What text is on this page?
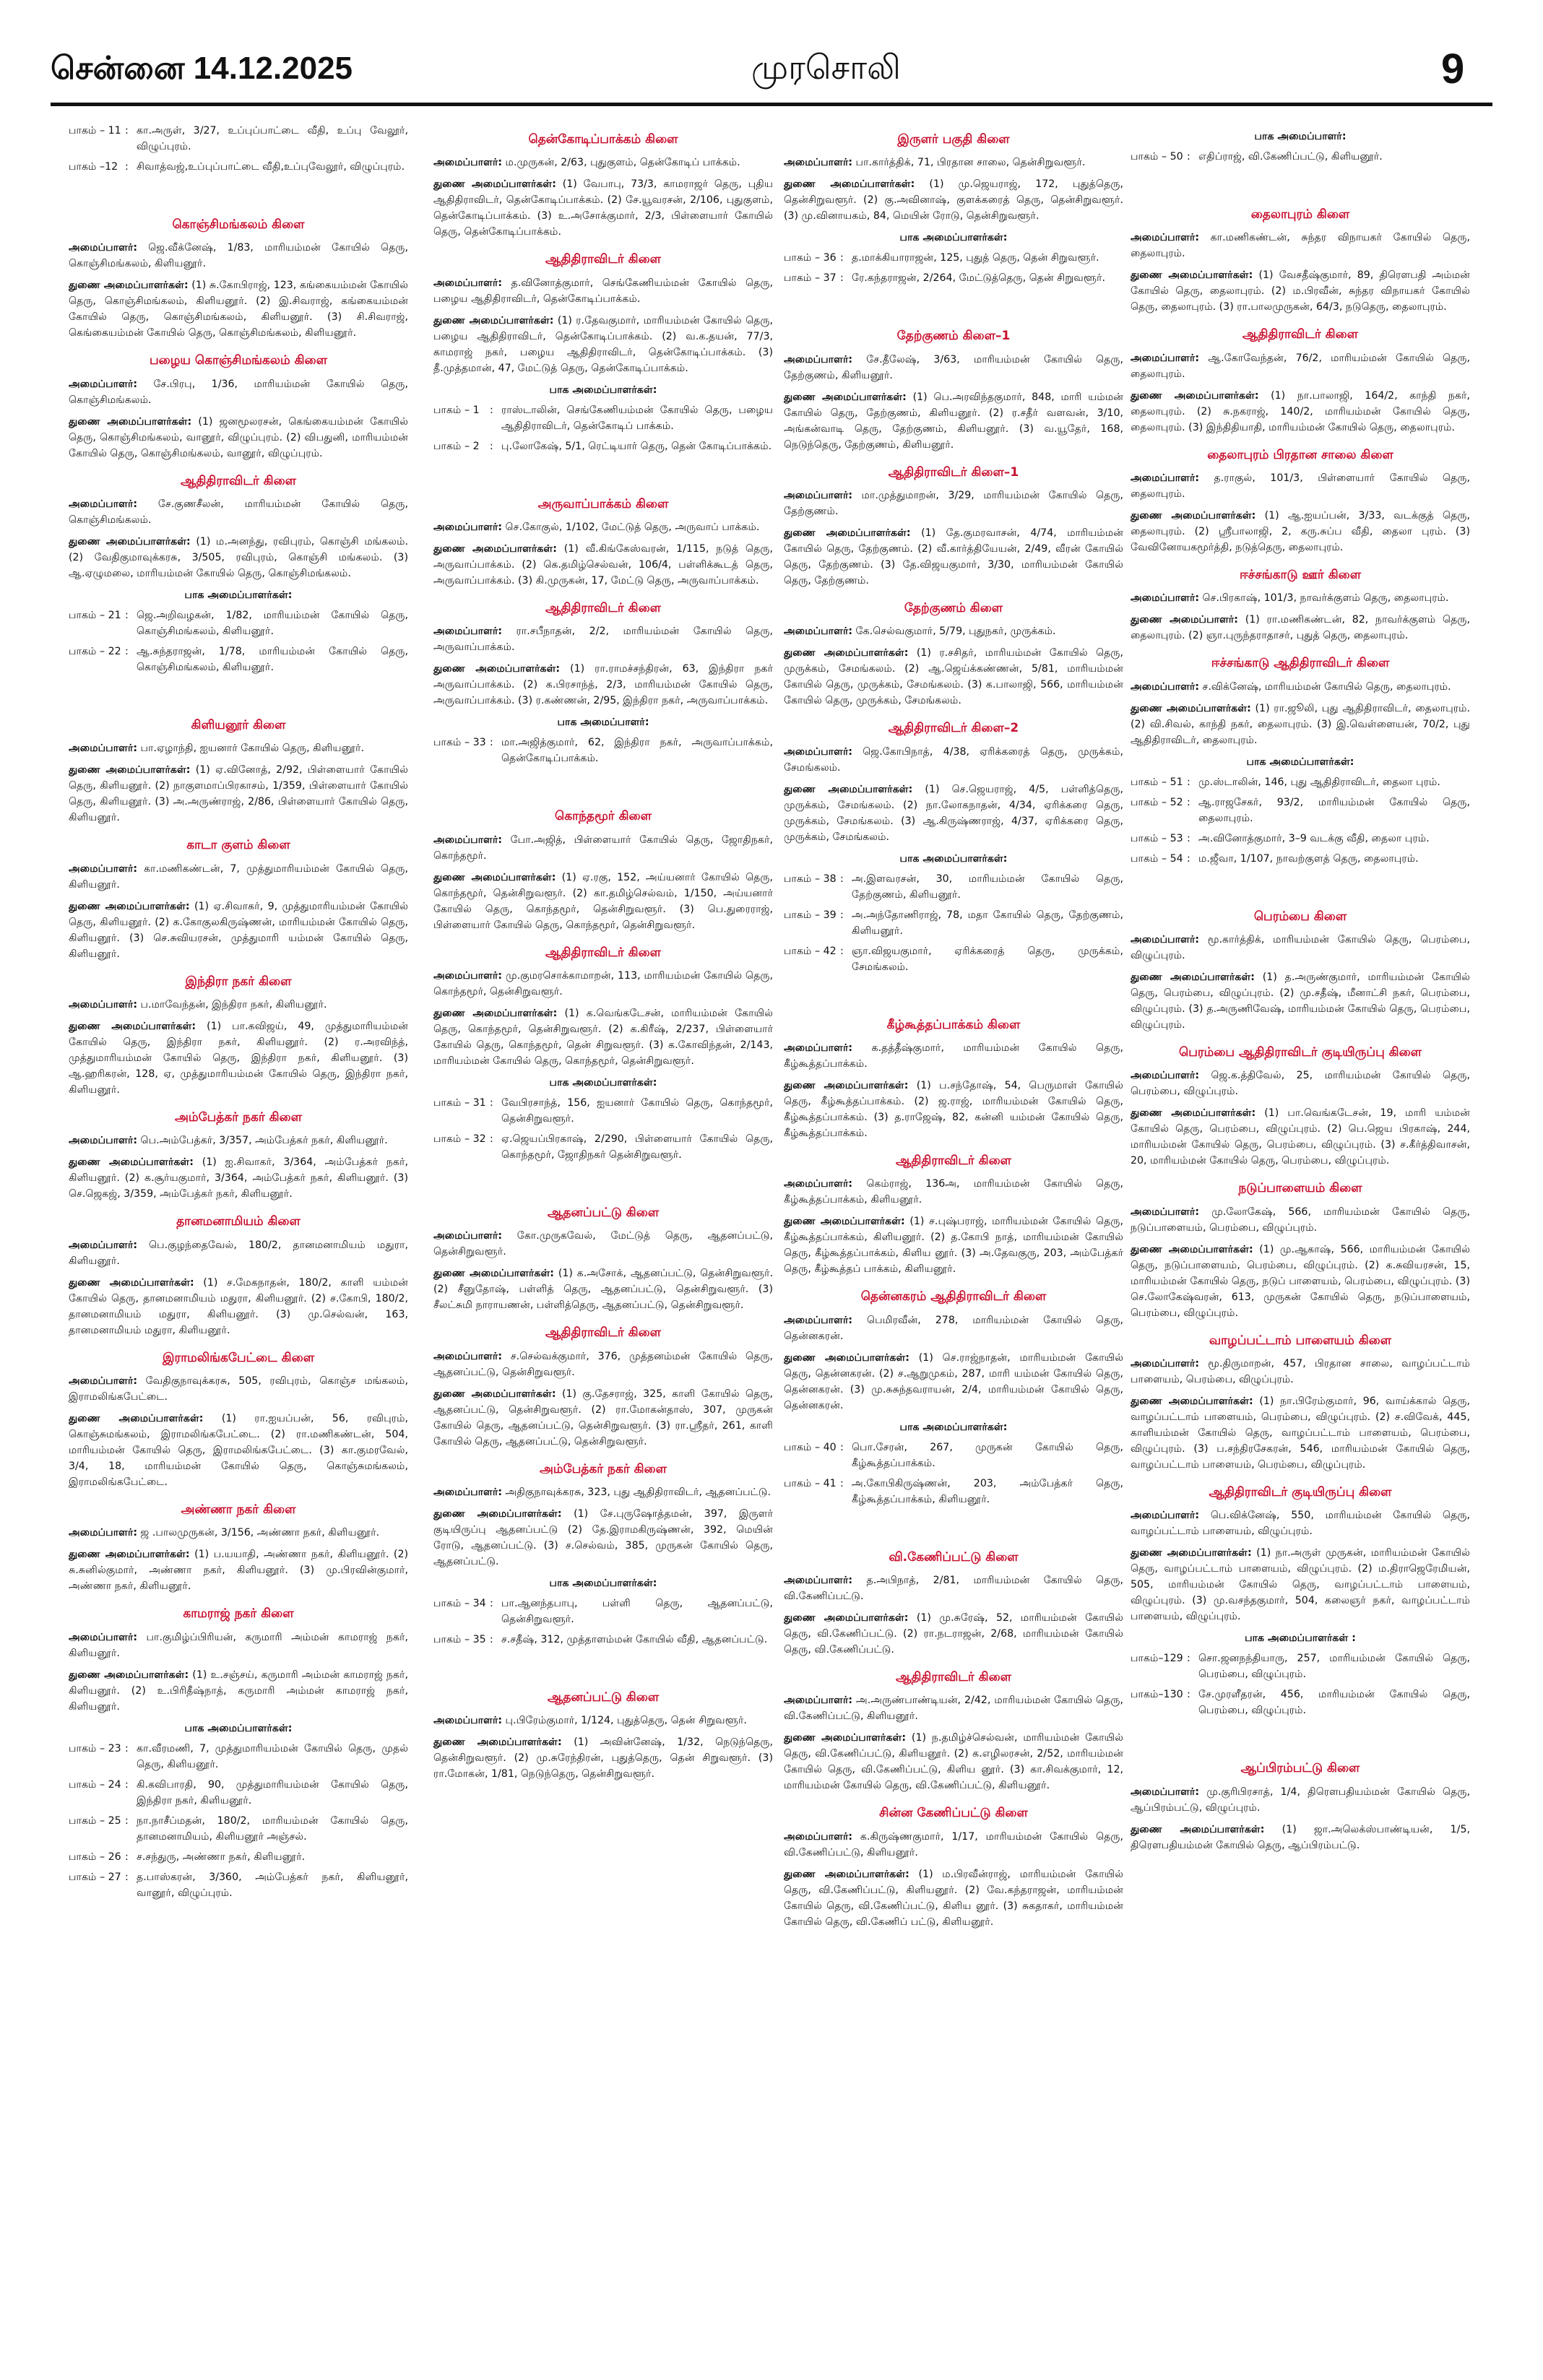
சென்னை 14.12.2025	முரசொலி	9
பாகம் – 11 : கா.அருள், 3/27, உப்புப்பாட்டை வீதி, உப்பு வேலூர், விழுப்புரம்.
பாகம் –12 : சிவாத்வஜ்,உப்புப்பாட்டை வீதி,உப்புவேலூர், விழுப்புரம்.
கொஞ்சிமங்கலம் கிளை

அமைப்பாளர்: ஜெ.வீக்னேஷ், 1/83, மாரியம்மன் கோயில் தெரு, கொஞ்சிமங்கலம், கிளியனூர்.

துணை அமைப்பாளர்கள்: (1) சு.கோபிராஜ், 123, கங்கையம்மன் கோயில் தெரு, கொஞ்சிமங்கலம், கிளியனூர். (2) இ.சிவராஜ், கங்கையம்மன் கோயில் தெரு, கொஞ்சிமங்கலம், கிளியனூர். (3) சி.சிவராஜ், கெங்கையம்மன் கோயில் தெரு, கொஞ்சிமங்கலம், கிளியனூர்.

பழைய கொஞ்சிமங்கலம் கிளை

அமைப்பாளர்: சே.பிரபு, 1/36, மாரியம்மன் கோயில் தெரு, கொஞ்சிமங்கலம்.

துணை அமைப்பாளர்கள்: (1) ஜனமூலரசன், கெங்கையம்மன் கோயில் தெரு, கொஞ்சிமங்கலம், வானூர், விழுப்புரம். (2) விபதுனி, மாரியம்மன் கோயில் தெரு, கொஞ்சிமங்கலம், வானூர், விழுப்புரம்.

ஆதிதிராவிடர் கிளை

அமைப்பாளர்: சே.குணசீலன், மாரியம்மன் கோயில் தெரு, கொஞ்சிமங்கலம்.

துணை அமைப்பாளர்கள்: (1) ம.அனந்து, ரவிபுரம், கொஞ்சி மங்கலம். (2) வேதிகுமாவுக்கரசு, 3/505, ரவிபுரம், கொஞ்சி மங்கலம். (3) ஆ.ஏழுமலை, மாரியம்மன் கோயில் தெரு, கொஞ்சிமங்கலம்.

பாக அமைப்பாளர்கள்:
பாகம் – 21 : ஜெ.அறிவழகன், 1/82, மாரியம்மன் கோயில் தெரு, கொஞ்சிமங்கலம், கிளியனூர்.
பாகம் – 22 : ஆ.சுந்தராஜன், 1/78, மாரியம்மன் கோயில் தெரு, கொஞ்சிமங்கலம், கிளியனூர்.
கிளியனூர் கிளை

அமைப்பாளர்: பா.ஏழாந்தி, ஐயனார் கோயில் தெரு, கிளியனூர்.

துணை அமைப்பாளர்கள்: (1) ஏ.வினோத், 2/92, பிள்ளையார் கோயில் தெரு, கிளியனூர். (2) நாகுளமாப்பிரகாசம், 1/359, பிள்ளையார் கோயில் தெரு, கிளியனூர். (3) அ.அருண்ராஜ், 2/86, பிள்ளையார் கோயில் தெரு, கிளியனூர்.

காடா குளம் கிளை

அமைப்பாளர்: கா.மணிகண்டன், 7, முத்துமாரியம்மன் கோயில் தெரு, கிளியனூர்.

துணை அமைப்பாளர்கள்: (1) ஏ.சிவாகர், 9, முத்துமாரியம்மன் கோயில் தெரு, கிளியனூர். (2) க.கோகுலகிருஷ்ணன், மாரியம்மன் கோயில் தெரு, கிளியனூர். (3) செ.சுவியரசன், முத்துமாரி யம்மன் கோயில் தெரு, கிளியனூர்.

இந்திரா நகர் கிளை

அமைப்பாளர்: ப.மாவேந்தன், இந்திரா நகர், கிளியனூர்.

துணை அமைப்பாளர்கள்: (1) பா.கவிஜய், 49, முத்துமாரியம்மன் கோயில் தெரு, இந்திரா நகர், கிளியனூர். (2) ர.அரவிந்த், முத்துமாரியம்மன் கோயில் தெரு, இந்திரா நகர், கிளியனூர். (3) ஆ.ஹரிகரன், 128, ஏ, முத்துமாரியம்மன் கோயில் தெரு, இந்திரா நகர், கிளியனூர்.

அம்பேத்கர் நகர் கிளை

அமைப்பாளர்: பெ.அம்பேத்கர், 3/357, அம்பேத்கர் நகர், கிளியனூர்.

துணை அமைப்பாளர்கள்: (1) ஐ.சிவாகர், 3/364, அம்பேத்கர் நகர், கிளியனூர். (2) க.சூர்யகுமார், 3/364, அம்பேத்கர் நகர், கிளியனூர். (3) செ.ஜெகஜ், 3/359, அம்பேத்கர் நகர், கிளியனூர்.

தானமனாமியம் கிளை

அமைப்பாளர்: பெ.குழந்தைவேல், 180/2, தானமனாமியம் மதுரா, கிளியனூர்.

துணை அமைப்பாளர்கள்: (1) ச.மேகநாதன், 180/2, காளி யம்மன் கோயில் தெரு, தானமனாமியம் மதுரா, கிளியனூர். (2) ச.கோபி, 180/2, தானமனாமியம் மதுரா, கிளியனூர். (3) மு.செல்வன், 163, தானமனாமியம் மதுரா, கிளியனூர்.

இராமலிங்கபேட்டை கிளை

அமைப்பாளர்: வேதிகுநாவுக்கரசு, 505, ரவிபுரம், கொஞ்ச மங்கலம், இராமலிங்கபேட்டை.

துணை அமைப்பாளர்கள்: (1) ரா.ஐயப்பன், 56, ரவிபுரம், கொஞ்சுமங்கலம், இராமலிங்கபேட்டை. (2) ரா.மணிகண்டன், 504, மாரியம்மன் கோயில் தெரு, இராமலிங்கபேட்டை. (3) கா.குமரவேல், 3/4, 18, மாரியம்மன் கோயில் தெரு, கொஞ்சுமங்கலம், இராமலிங்கபேட்டை.

அண்ணா நகர் கிளை

அமைப்பாளர்: ஜ .பாலமுருகன், 3/156, அண்ணா நகர், கிளியனூர்.

துணை அமைப்பாளர்கள்: (1) ப.யயாதி, அண்ணா நகர், கிளியனூர். (2) சு.சுனில்குமார், அண்ணா நகர், கிளியனூர். (3) மு.பிரவின்குமார், அண்ணா நகர், கிளியனூர்.

காமராஜ் நகர் கிளை

அமைப்பாளர்: பா.குமிழ்ப்பிரியன், கருமாரி அம்மன் காமராஜ் நகர், கிளியனூர்.

துணை அமைப்பாளர்கள்: (1) உ.சஞ்சய், கருமாரி அம்மன் காமராஜ் நகர், கிளியனூர். (2) உ.பிரிதீஷ்நாத், கருமாரி அம்மன் காமராஜ் நகர், கிளியனூர்.

பாக அமைப்பாளர்கள்:
பாகம் – 23 : கா.வீரமணி, 7, முத்துமாரியம்மன் கோயில் தெரு, முதல் தெரு, கிளியனூர்.
பாகம் – 24 : கி.கவிபாரதி, 90, முத்துமாரியம்மன் கோயில் தெரு, இந்திரா நகர், கிளியனூர்.
பாகம் – 25 : நா.நாசீப்மதன், 180/2, மாரியம்மன் கோயில் தெரு, தானமனாமியம், கிளியனூர் அஞ்சல்.
பாகம் – 26 : ச.சந்துரு, அண்ணா நகர், கிளியனூர்.
பாகம் – 27 : த.பாஸ்கரன், 3/360, அம்பேத்கர் நகர், கிளியனூர், வானூர், விழுப்புரம்.
தென்கோடிப்பாக்கம் கிளை

அமைப்பாளர்: ம.முருகன், 2/63, புதுகுளம், தென்கோடிப் பாக்கம்.

துணை அமைப்பாளர்கள்: (1) வேபாபு, 73/3, காமராஜர் தெரு, புதிய ஆதிதிராவிடர், தென்கோடிப்பாக்கம். (2) சே.யூவரசன், 2/106, புதுகுளம், தென்கோடிப்பாக்கம். (3) உ.அசோக்குமார், 2/3, பிள்ளையார் கோயில் தெரு, தென்கோடிப்பாக்கம்.

ஆதிதிராவிடர் கிளை

அமைப்பாளர்: த.வினோத்குமார், செங்கேணியம்மன் கோயில் தெரு, பழைய ஆதிதிராவிடர், தென்கோடிப்பாக்கம்.

துணை அமைப்பாளர்கள்: (1) ர.தேவகுமார், மாரியம்மன் கோயில் தெரு, பழைய ஆதிதிராவிடர், தென்கோடிப்பாக்கம். (2) வ.க.தயன், 77/3, காமராஜ் நகர், பழைய ஆதிதிராவிடர், தென்கோடிப்பாக்கம். (3) தீ.முத்தமான், 47, மேட்டுத் தெரு, தென்கோடிப்பாக்கம்.

பாக அமைப்பாளர்கள்:
பாகம் – 1	: ராஸ்டாலின், செங்கேணியம்மன் கோயில் தெரு, பழைய ஆதிதிராவிடர், தென்கோடிப் பாக்கம்.
பாகம் – 2	: பு.லோகேஷ், 5/1, ரெட்டியார் தெரு, தென் கோடிப்பாக்கம்.
அருவாப்பாக்கம் கிளை

அமைப்பாளர்: செ.கோகுல், 1/102, மேட்டுத் தெரு, அருவாப் பாக்கம்.

துணை அமைப்பாளர்கள்: (1) வீ.கிங்கேஸ்வரன், 1/115, நடுத் தெரு, அருவாப்பாக்கம். (2) கெ.தமிழ்செல்வன், 106/4, பள்ளிக்கூடத் தெரு, அருவாப்பாக்கம். (3) கி.முருகன், 17, மேட்டு தெரு, அருவாப்பாக்கம்.

ஆதிதிராவிடர் கிளை

அமைப்பாளர்: ரா.சபீநாதன், 2/2, மாரியம்மன் கோயில் தெரு, அருவாப்பாக்கம்.

துணை அமைப்பாளர்கள்: (1) ரா.ராமச்சந்திரன், 63, இந்திரா நகர் அருவாப்பாக்கம். (2) க.பிரசாந்த், 2/3, மாரியம்மன் கோயில் தெரு, அருவாப்பாக்கம். (3) ர.கண்ணன், 2/95, இந்திரா நகர், அருவாப்பாக்கம்.

பாக அமைப்பாளர்:
பாகம் – 33 : மா.அஜித்குமார், 62, இந்திரா நகர், அருவாப்பாக்கம், தென்கோடிப்பாக்கம்.
கொந்தமூர் கிளை

அமைப்பாளர்: போ.அஜித், பிள்ளையார் கோயில் தெரு, ஜோதிநகர், கொந்தமூர்.

துணை அமைப்பாளர்கள்: (1) ஏ.ரகு, 152, அய்யனார் கோயில் தெரு, கொந்தமூர், தென்சிறுவளூர். (2) கா.தமிழ்செல்வம், 1/150, அய்யனார் கோயில் தெரு, கொந்தமூர், தென்சிறுவளூர். (3) பெ.துரைராஜ், பிள்ளையார் கோயில் தெரு, கொந்தமூர், தென்சிறுவளூர்.

ஆதிதிராவிடர் கிளை

அமைப்பாளர்: மு.குமரசொக்காமாறன், 113, மாரியம்மன் கோயில் தெரு, கொந்தமூர், தென்சிறுவளூர்.

துணை அமைப்பாளர்கள்: (1) க.வெங்கடேசன், மாரியம்மன் கோயில் தெரு, கொந்தமூர், தென்சிறுவளூர். (2) க.கிரீஷ், 2/237, பிள்ளையார் கோயில் தெரு, கொந்தமூர், தென் சிறுவளூர். (3) க.கோவிந்தன், 2/143, மாரியம்மன் கோயில் தெரு, கொந்தமூர், தென்சிறுவளூர்.

பாக அமைப்பாளர்கள்:
பாகம் – 31 : வேபிரசாந்த், 156, ஐயனார் கோயில் தெரு, கொந்தமூர், தென்சிறுவளூர்.
பாகம் – 32 : ஏ.ஜெயப்பிரகாஷ், 2/290, பிள்ளையார் கோயில் தெரு, கொந்தமூர், ஜோதிநகர் தென்சிறுவளூர்.
ஆதனப்பட்டு கிளை

அமைப்பாளர்: கோ.முருகவேல், மேட்டுத் தெரு, ஆதனப்பட்டு, தென்சிறுவளூர்.

துணை அமைப்பாளர்கள்: (1) க.அசோக், ஆதனப்பட்டு, தென்சிறுவளூர். (2) சீனுதோஷ், பள்ளித் தெரு, ஆதனப்பட்டு, தென்சிறுவளூர். (3) சீலட்சுமி நாராயணன், பள்ளித்தெரு, ஆதனப்பட்டு, தென்சிறுவளூர்.

ஆதிதிராவிடர் கிளை

அமைப்பாளர்: ச.செல்வக்குமார், 376, முத்தனம்மன் கோயில் தெரு, ஆதனப்பட்டு, தென்சிறுவளூர்.

துணை அமைப்பாளர்கள்: (1) கு.தேசராஜ், 325, காளி கோயில் தெரு, ஆதனப்பட்டு, தென்சிறுவளூர். (2) ரா.மோகன்தாஸ், 307, முருகன் கோயில் தெரு, ஆதனப்பட்டு, தென்சிறுவளூர். (3) ரா.ஸ்ரீதர், 261, காளி கோயில் தெரு, ஆதனப்பட்டு, தென்சிறுவளூர்.

அம்பேத்கர் நகர் கிளை

அமைப்பாளர்: அதிகுநாவுக்கரசு, 323, புது ஆதிதிராவிடர், ஆதனப்பட்டு.

துணை அமைப்பாளர்கள்: (1) சே.புருஷோத்தமன், 397, இருளர் குடியிருப்பு ஆதனப்பட்டு (2) தே.இராமகிருஷ்ணன், 392, மெயின் ரோடு, ஆதனப்பட்டு. (3) ச.செல்வம், 385, முருகன் கோயில் தெரு, ஆதனப்பட்டு.

பாக அமைப்பாளர்கள்:
பாகம் – 34 : பா.ஆனந்தபாபு, பள்ளி தெரு, ஆதனப்பட்டு, தென்சிறுவளூர்.
பாகம் – 35 : ச.சதீஷ், 312, முத்தாளம்மன் கோயில் வீதி, ஆதனப்பட்டு.
ஆதனப்பட்டு கிளை

அமைப்பாளர்: பு.பிரேம்குமார், 1/124, புதுத்தெரு, தென் சிறுவளூர்.

துணை அமைப்பாளர்கள்: (1) அவின்னேஷ், 1/32, நெடுந்தெரு, தென்சிறுவளூர். (2) மு.சுரேந்திரன், புதுத்தெரு, தென் சிறுவளூர். (3) ரா.மோகன், 1/81, நெடுந்தெரு, தென்சிறுவளூர்.

இருளர் பகுதி கிளை

அமைப்பாளர்: பா.கார்த்திக், 71, பிரதான சாலை, தென்சிறுவளூர்.

துணை அமைப்பாளர்கள்: (1) மு.ஜெயராஜ், 172, புதுத்தெரு, தென்சிறுவளூர். (2) கு.அவினாஷ், குளக்கரைத் தெரு, தென்சிறுவளூர். (3) மு.வினாயகம், 84, மெயின் ரோடு, தென்சிறுவளூர்.

பாக அமைப்பாளர்கள்:
பாகம் – 36 : த.மாக்கியாராஜன், 125, புதுத் தெரு, தென் சிறுவளூர்.
பாகம் – 37 : ரே.கந்தராஜன், 2/264, மேட்டுத்தெரு, தென் சிறுவளூர்.
தேற்குணம் கிளை–1

அமைப்பாளர்: சே.தீலேஷ், 3/63, மாரியம்மன் கோயில் தெரு, தேற்குணம், கிளியனூர்.

துணை அமைப்பாளர்கள்: (1) பெ.அரவிந்தகுமார், 848, மாரி யம்மன் கோயில் தெரு, தேற்குணம், கிளியனூர். (2) ர.சதீர் வளவன், 3/10, அங்கன்வாடி தெரு, தேற்குணம், கிளியனூர். (3) வ.யூதேர், 168, நெடுந்தெரு, தேற்குணம், கிளியனூர்.

ஆதிதிராவிடர் கிளை–1

அமைப்பாளர்: மா.முத்துமாறன், 3/29, மாரியம்மன் கோயில் தெரு, தேற்குணம்.

துணை அமைப்பாளர்கள்: (1) தே.குமரவாசன், 4/74, மாரியம்மன் கோயில் தெரு, தேற்குணம். (2) வீ.கார்த்தியேயன், 2/49, வீரன் கோயில் தெரு, தேற்குணம். (3) தே.விஜயகுமார், 3/30, மாரியம்மன் கோயில் தெரு, தேற்குணம்.

தேற்குணம் கிளை

அமைப்பாளர்: கே.செல்வகுமார், 5/79, புதுநகர், முருக்கம்.

துணை அமைப்பாளர்கள்: (1) ர.சசிதர், மாரியம்மன் கோயில் தெரு, முருக்கம், சேமங்கலம். (2) ஆ.ஜெய்க்கண்ணன், 5/81, மாரியம்மன் கோயில் தெரு, முருக்கம், சேமங்கலம். (3) க.பாலாஜி, 566, மாரியம்மன் கோயில் தெரு, முருக்கம், சேமங்கலம்.

ஆதிதிராவிடர் கிளை–2

அமைப்பாளர்: ஜெ.கோபிநாத், 4/38, ஏரிக்கரைத் தெரு, முருக்கம், சேமங்கலம்.

துணை அமைப்பாளர்கள்: (1) செ.ஜெயராஜ், 4/5, பள்ளித்தெரு, முருக்கம், சேமங்கலம். (2) நா.லோகநாதன், 4/34, ஏரிக்கரை தெரு, முருக்கம், சேமங்கலம். (3) ஆ.கிருஷ்ணராஜ், 4/37, ஏரிக்கரை தெரு, முருக்கம், சேமங்கலம்.

பாக அமைப்பாளர்கள்:
பாகம் – 38 : அ.இளவரசன், 30, மாரியம்மன் கோயில் தெரு, தேற்குணம், கிளியனூர்.
பாகம் – 39 : அ.அந்தோணிராஜ், 78, மதா கோயில் தெரு, தேற்குணம், கிளியனூர்.
பாகம் – 42 : ஞா.விஜயகுமார், ஏரிக்கரைத் தெரு, முருக்கம், சேமங்கலம்.
கீழ்கூத்தப்பாக்கம் கிளை

அமைப்பாளர்: க.தத்தீஷ்குமார், மாரியம்மன் கோயில் தெரு, கீழ்கூத்தப்பாக்கம்.

துணை அமைப்பாளர்கள்: (1) ப.சந்தோஷ், 54, பெருமாள் கோயில் தெரு, கீழ்கூத்தப்பாக்கம். (2) ஜ.ராஜ், மாரியம்மன் கோயில் தெரு, கீழ்கூத்தப்பாக்கம். (3) த.ராஜேஷ், 82, கன்னி யம்மன் கோயில் தெரு, கீழ்கூத்தப்பாக்கம்.

ஆதிதிராவிடர் கிளை

அமைப்பாளர்: கெம்ராஜ், 136அ, மாரியம்மன் கோயில் தெரு, கீழ்கூத்தப்பாக்கம், கிளியனூர்.

துணை அமைப்பாளர்கள்: (1) ச.புஷ்பராஜ், மாரியம்மன் கோயில் தெரு, கீழ்கூத்தப்பாக்கம், கிளியனூர். (2) த.கோபி நாத், மாரியம்மன் கோயில் தெரு, கீழ்கூத்தப்பாக்கம், கிளிய னூர். (3) அ.தேவகுரு, 203, அம்பேத்கர் தெரு, கீழ்கூத்தப் பாக்கம், கிளியனூர்.

தென்னகரம் ஆதிதிராவிடர் கிளை

அமைப்பாளர்: பெமிரவீன், 278, மாரியம்மன் கோயில் தெரு, தென்னகரன்.

துணை அமைப்பாளர்கள்: (1) செ.ராஜ்நாதன், மாரியம்மன் கோயில் தெரு, தென்னகரன். (2) ச.ஆறுமுகம், 287, மாரி யம்மன் கோயில் தெரு, தென்னகரன். (3) மு.சுசுந்தவராயன், 2/4, மாரியம்மன் கோயில் தெரு, தென்னகரன்.

பாக அமைப்பாளர்கள்:
பாகம் – 40 : பொ.சேரன், 267, முருகன் கோயில் தெரு, கீழ்கூத்தப்பாக்கம்.
பாகம் – 41 : அ.கோபிகிருஷ்ணன், 203, அம்பேத்கர் தெரு, கீழ்கூத்தப்பாக்கம், கிளியனூர்.
வி.கேணிப்பட்டு கிளை

அமைப்பாளர்: த.அபிநாத், 2/81, மாரியம்மன் கோயில் தெரு, வி.கேணிப்பட்டு.

துணை அமைப்பாளர்கள்: (1) மு.சுரேஷ், 52, மாரியம்மன் கோயில் தெரு, வி.கேணிப்பட்டு. (2) ரா.நடராஜன், 2/68, மாரியம்மன் கோயில் தெரு, வி.கேணிப்பட்டு.

ஆதிதிராவிடர் கிளை

அமைப்பாளர்: அ.அருண்பாண்டியன், 2/42, மாரியம்மன் கோயில் தெரு, வி.கேணிப்பட்டு, கிளியனூர்.

துணை அமைப்பாளர்கள்: (1) ந.தமிழ்ச்செல்வன், மாரியம்மன் கோயில் தெரு, வி.கேணிப்பட்டு, கிளியனூர். (2) க.எழிலரசன், 2/52, மாரியம்மன் கோயில் தெரு, வி.கேணிப்பட்டு, கிளிய னூர். (3) கா.சிவக்குமார், 12, மாரியம்மன் கோயில் தெரு, வி.கேணிப்பட்டு, கிளியனூர்.

சின்ன கேணிப்பட்டு கிளை

அமைப்பாளர்: க.கிருஷ்ணகுமார், 1/17, மாரியம்மன் கோயில் தெரு, வி.கேணிப்பட்டு, கிளியனூர்.

துணை அமைப்பாளர்கள்: (1) ம.பிரவீன்ராஜ், மாரியம்மன் கோயில் தெரு, வி.கேணிப்பட்டு, கிளியனூர். (2) வே.கந்தராஜன், மாரியம்மன் கோயில் தெரு, வி.கேணிப்பட்டு, கிளிய னூர். (3) சுகதாகர், மாரியம்மன் கோயில் தெரு, வி.கேணிப் பட்டு, கிளியனூர்.

பாக அமைப்பாளர்:
பாகம் – 50 : எதிப்ராஜ், வி.கேணிப்பட்டு, கிளியனூர்.
தைலாபுரம் கிளை

அமைப்பாளர்: கா.மணிகண்டன், சுந்தர விநாயகர் கோயில் தெரு, தைலாபுரம்.

துணை அமைப்பாளர்கள்: (1) வேசதீஷ்குமார், 89, திரௌபதி அம்மன் கோயில் தெரு, தைலாபுரம். (2) ம.பிரவீன், சுந்தர விநாயகர் கோயில் தெரு, தைலாபுரம். (3) ரா.பாலமுருகன், 64/3, நடுதெரு, தைலாபுரம்.

ஆதிதிராவிடர் கிளை

அமைப்பாளர்: ஆ.கோவேந்தன், 76/2, மாரியம்மன் கோயில் தெரு, தைலாபுரம்.

துணை அமைப்பாளர்கள்: (1) நா.பாலாஜி, 164/2, காந்தி நகர், தைலாபுரம். (2) சு.நகராஜ், 140/2, மாரியம்மன் கோயில் தெரு, தைலாபுரம். (3) இந்திதியாதி, மாரியம்மன் கோயில் தெரு, தைலாபுரம்.

தைலாபுரம் பிரதான சாலை கிளை

அமைப்பாளர்: த.ராகுல், 101/3, பிள்ளையார் கோயில் தெரு, தைலாபுரம்.

துணை அமைப்பாளர்கள்: (1) ஆ.ஐயப்பன், 3/33, வடக்குத் தெரு, தைலாபுரம். (2) ஸ்ரீபாலாஜி, 2, கரு.சுப்ப வீதி, தைலா புரம். (3) வேவினோயகமூர்த்தி, நடுத்தெரு, தைலாபுரம்.

ஈச்சங்காடு ஊர் கிளை

அமைப்பாளர்: செ.பிரகாஷ், 101/3, நாவர்க்குளம் தெரு, தைலாபுரம்.

துணை அமைப்பாளர்: (1) ரா.மணிகண்டன், 82, நாவர்க்குளம் தெரு, தைலாபுரம். (2) ஞா.புருந்தராதாசர், புதுத் தெரு, தைலாபுரம்.

ஈச்சங்காடு ஆதிதிராவிடர் கிளை

அமைப்பாளர்: ச.விக்னேஷ், மாரியம்மன் கோயில் தெரு, தைலாபுரம்.

துணை அமைப்பாளர்கள்: (1) ரா.ஜூலி, புது ஆதிதிராவிடர், தைலாபுரம். (2) வி.சிவல், காந்தி நகர், தைலாபுரம். (3) இ.வெள்ளையன், 70/2, புது ஆதிதிராவிடர், தைலாபுரம்.

பாக அமைப்பாளர்கள்:
பாகம் – 51 : மு.ஸ்டாலின், 146, புது ஆதிதிராவிடர், தைலா புரம்.
பாகம் – 52 : ஆ.ராஜசேகர், 93/2, மாரியம்மன் கோயில் தெரு, தைலாபுரம்.
பாகம் – 53 : அ.வினோத்குமார், 3–9 வடக்கு வீதி, தைலா புரம்.
பாகம் – 54 : ம.ஜீவா, 1/107, நாவற்குளத் தெரு, தைலாபுரம்.
பெரம்பை கிளை

அமைப்பாளர்: மூ.கார்த்திக், மாரியம்மன் கோயில் தெரு, பெரம்பை, விழுப்புரம்.

துணை அமைப்பாளர்கள்: (1) த.அருண்குமார், மாரியம்மன் கோயில் தெரு, பெரம்பை, விழுப்புரம். (2) மு.சதீஷ், மீனாட்சி நகர், பெரம்பை, விழுப்புரம். (3) த.அருணிவேஷ், மாரியம்மன் கோயில் தெரு, பெரம்பை, விழுப்புரம்.

பெரம்பை ஆதிதிராவிடர் குடியிருப்பு கிளை

அமைப்பாளர்: ஜெ.க.த்திவேல், 25, மாரியம்மன் கோயில் தெரு, பெரம்பை, விழுப்புரம்.

துணை அமைப்பாளர்கள்: (1) பா.வெங்கடேசன், 19, மாரி யம்மன் கோயில் தெரு, பெரம்பை, விழுப்புரம். (2) பெ.ஜெய பிரகாஷ், 244, மாரியம்மன் கோயில் தெரு, பெரம்பை, விழுப்புரம். (3) ச.கீர்த்திவாசன், 20, மாரியம்மன் கோயில் தெரு, பெரம்பை, விழுப்புரம்.

நடுப்பாளையம் கிளை

அமைப்பாளர்: மு.லோகேஷ், 566, மாரியம்மன் கோயில் தெரு, நடுப்பாளையம், பெரம்பை, விழுப்புரம்.

துணை அமைப்பாளர்கள்: (1) மு.ஆகாஷ், 566, மாரியம்மன் கோயில் தெரு, நடுப்பாளையம், பெரம்பை, விழுப்புரம். (2) க.சுவியரசன், 15, மாரியம்மன் கோயில் தெரு, நடுப் பாளையம், பெரம்பை, விழுப்புரம். (3) செ.லோகேஷ்வரன், 613, முருகன் கோயில் தெரு, நடுப்பாளையம், பெரம்பை, விழுப்புரம்.

வாழப்பட்டாம் பாளையம் கிளை

அமைப்பாளர்: மூ.திருமாறன், 457, பிரதான சாலை, வாழப்பட்டாம் பாளையம், பெரம்பை, விழுப்புரம்.

துணை அமைப்பாளர்கள்: (1) நா.பிரேம்குமார், 96, வாய்க்கால் தெரு, வாழப்பட்டாம் பாளையம், பெரம்பை, விழுப்புரம். (2) ச.விவேக், 445, காளியம்மன் கோயில் தெரு, வாழப்பட்டாம் பாளையம், பெரம்பை, விழுப்புரம். (3) ப.சந்திரசேகரன், 546, மாரியம்மன் கோயில் தெரு, வாழப்பட்டாம் பாளையம், பெரம்பை, விழுப்புரம்.

ஆதிதிராவிடர் குடியிருப்பு கிளை

அமைப்பாளர்: பெ.விக்னேஷ், 550, மாரியம்மன் கோயில் தெரு, வாழப்பட்டாம் பாளையம், விழுப்புரம்.

துணை அமைப்பாளர்கள்: (1) நா.அருள் முருகன், மாரியம்மன் கோயில் தெரு, வாழப்பட்டாம் பாளையம், விழுப்புரம். (2) ம.திராஜெரேமியன், 505, மாரியம்மன் கோயில் தெரு, வாழப்பட்டாம் பாளையம், விழுப்புரம். (3) மு.வசந்தகுமார், 504, கலைஞர் நகர், வாழப்பட்டாம் பாளையம், விழுப்புரம்.

பாக அமைப்பாளர்கள் :
பாகம்–129 : சொ.ஜனநந்தியாரு, 257, மாரியம்மன் கோயில் தெரு, பெரம்பை, விழுப்புரம்.
பாகம்–130 : சே.முரளீதரன், 456, மாரியம்மன் கோயில் தெரு, பெரம்பை, விழுப்புரம்.
ஆப்பிரம்பட்டு கிளை

அமைப்பாளர்: மு.குரிபிரசாத், 1/4, திரௌபதியம்மன் கோயில் தெரு, ஆப்பிரம்பட்டு, விழுப்புரம்.

துணை அமைப்பாளர்கள்: (1) ஜா.அலெக்ஸ்பாண்டியன், 1/5, திரௌபதியம்மன் கோயில் தெரு, ஆப்பிரம்பட்டு.
